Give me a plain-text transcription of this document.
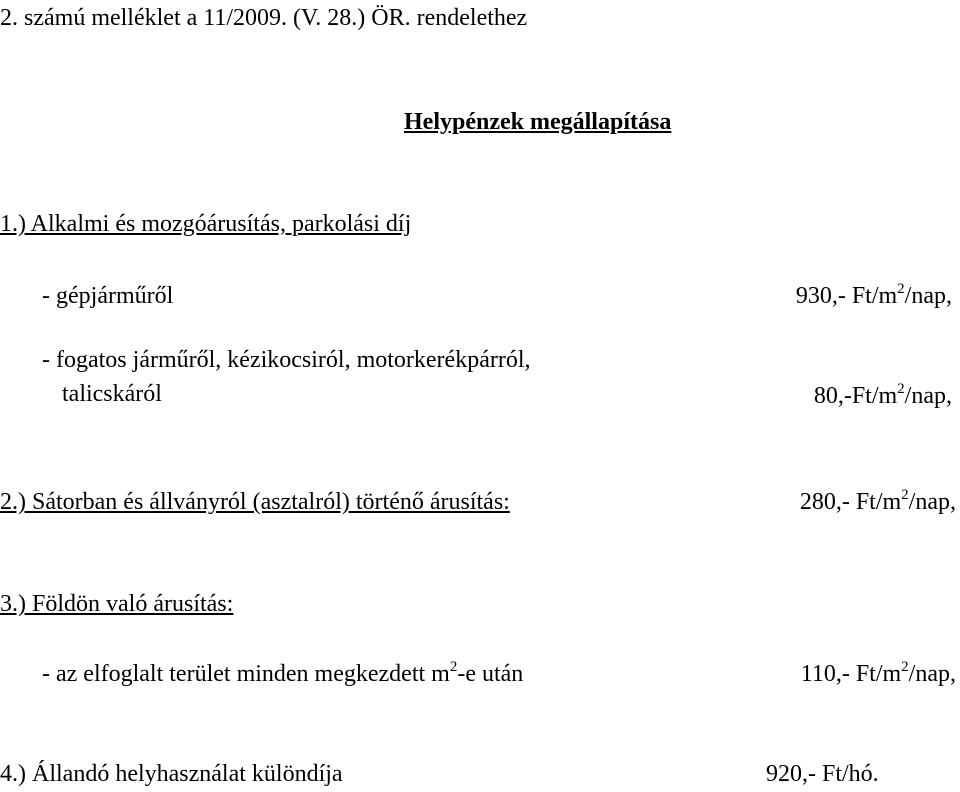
2. számú melléklet a 11/2009. (V. 28.) ÖR. rendelethez
Helypénzek megállapítása
1.) Alkalmi és mozgóárusítás, parkolási díj
- gépjárműről	930,- $Ft/m^2$/nap,
- fogatos járműről, kézikocsiról, motorkerékpárról,
talicskáról	$80,-Ft/m^2$/nap,
2.) Sátorban és állványról (asztalról) történő árusítás:	280,- $Ft/m^2$/nap,
3.) Földön való árusítás:
- az elfoglalt terület minden megkezdett $m^2-e$ után	110,- $Ft/m^2$/nap,
4.) Állandó helyhasználat különdíja	920,- Ft/hó.
